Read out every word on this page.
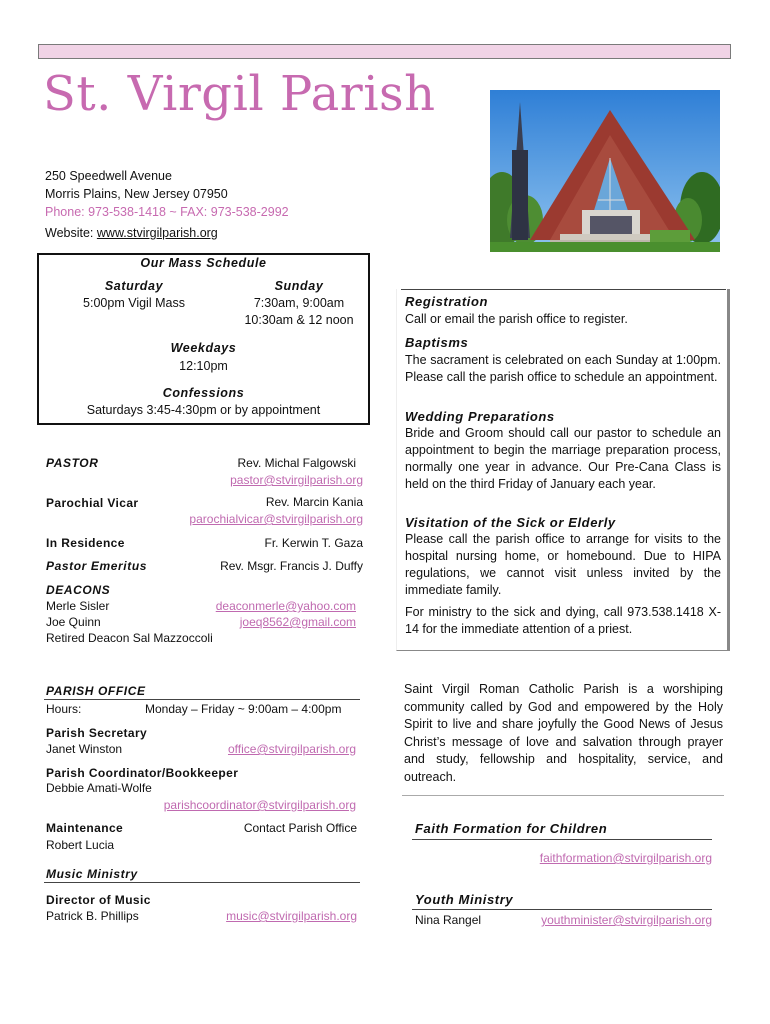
St. Virgil Parish
250 Speedwell Avenue
Morris Plains, New Jersey 07950
Phone: 973-538-1418 ~ FAX: 973-538-2992
Website: www.stvirgilparish.org
Our Mass Schedule
Saturday
5:00pm Vigil Mass
Sunday
7:30am, 9:00am
10:30am & 12 noon
Weekdays
12:10pm
Confessions
Saturdays 3:45-4:30pm or by appointment
Registration
Call or email the parish office to register.
Baptisms
The sacrament is celebrated on each Sunday at 1:00pm. Please call the parish office to schedule an appointment.
Wedding Preparations
Bride and Groom should call our pastor to schedule an appointment to begin the marriage preparation process, normally one year in advance. Our Pre-Cana Class is held on the third Friday of January each year.
Visitation of the Sick or Elderly
Please call the parish office to arrange for visits to the hospital nursing home, or homebound. Due to HIPA regulations, we cannot visit unless invited by the immediate family.
For ministry to the sick and dying, call 973.538.1418 X-14 for the immediate attention of a priest.
PASTOR	Rev. Michal Falgowski
pastor@stvirgilparish.org
Parochial Vicar	Rev. Marcin Kania
parochialvicar@stvirgilparish.org
In Residence	Fr. Kerwin T. Gaza
Pastor Emeritus	Rev. Msgr. Francis J. Duffy
DEACONS
Merle Sisler	deaconmerle@yahoo.com
Joe Quinn	joeq8562@gmail.com
Retired Deacon Sal Mazzoccoli
PARISH OFFICE
Hours:	Monday – Friday ~ 9:00am – 4:00pm
Parish Secretary
Janet Winston	office@stvirgilparish.org
Parish Coordinator/Bookkeeper
Debbie Amati-Wolfe
parishcoordinator@stvirgilparish.org
Maintenance	Contact Parish Office
Robert Lucia
Music Ministry
Director of Music
Patrick B. Phillips	music@stvirgilparish.org
Saint Virgil Roman Catholic Parish is a worshiping community called by God and empowered by the Holy Spirit to live and share joyfully the Good News of Jesus Christ’s message of love and salvation through prayer and study, fellowship and hospitality, service, and outreach.
Faith Formation for Children
faithformation@stvirgilparish.org
Youth Ministry
Nina Rangel	youthminister@stvirgilparish.org
